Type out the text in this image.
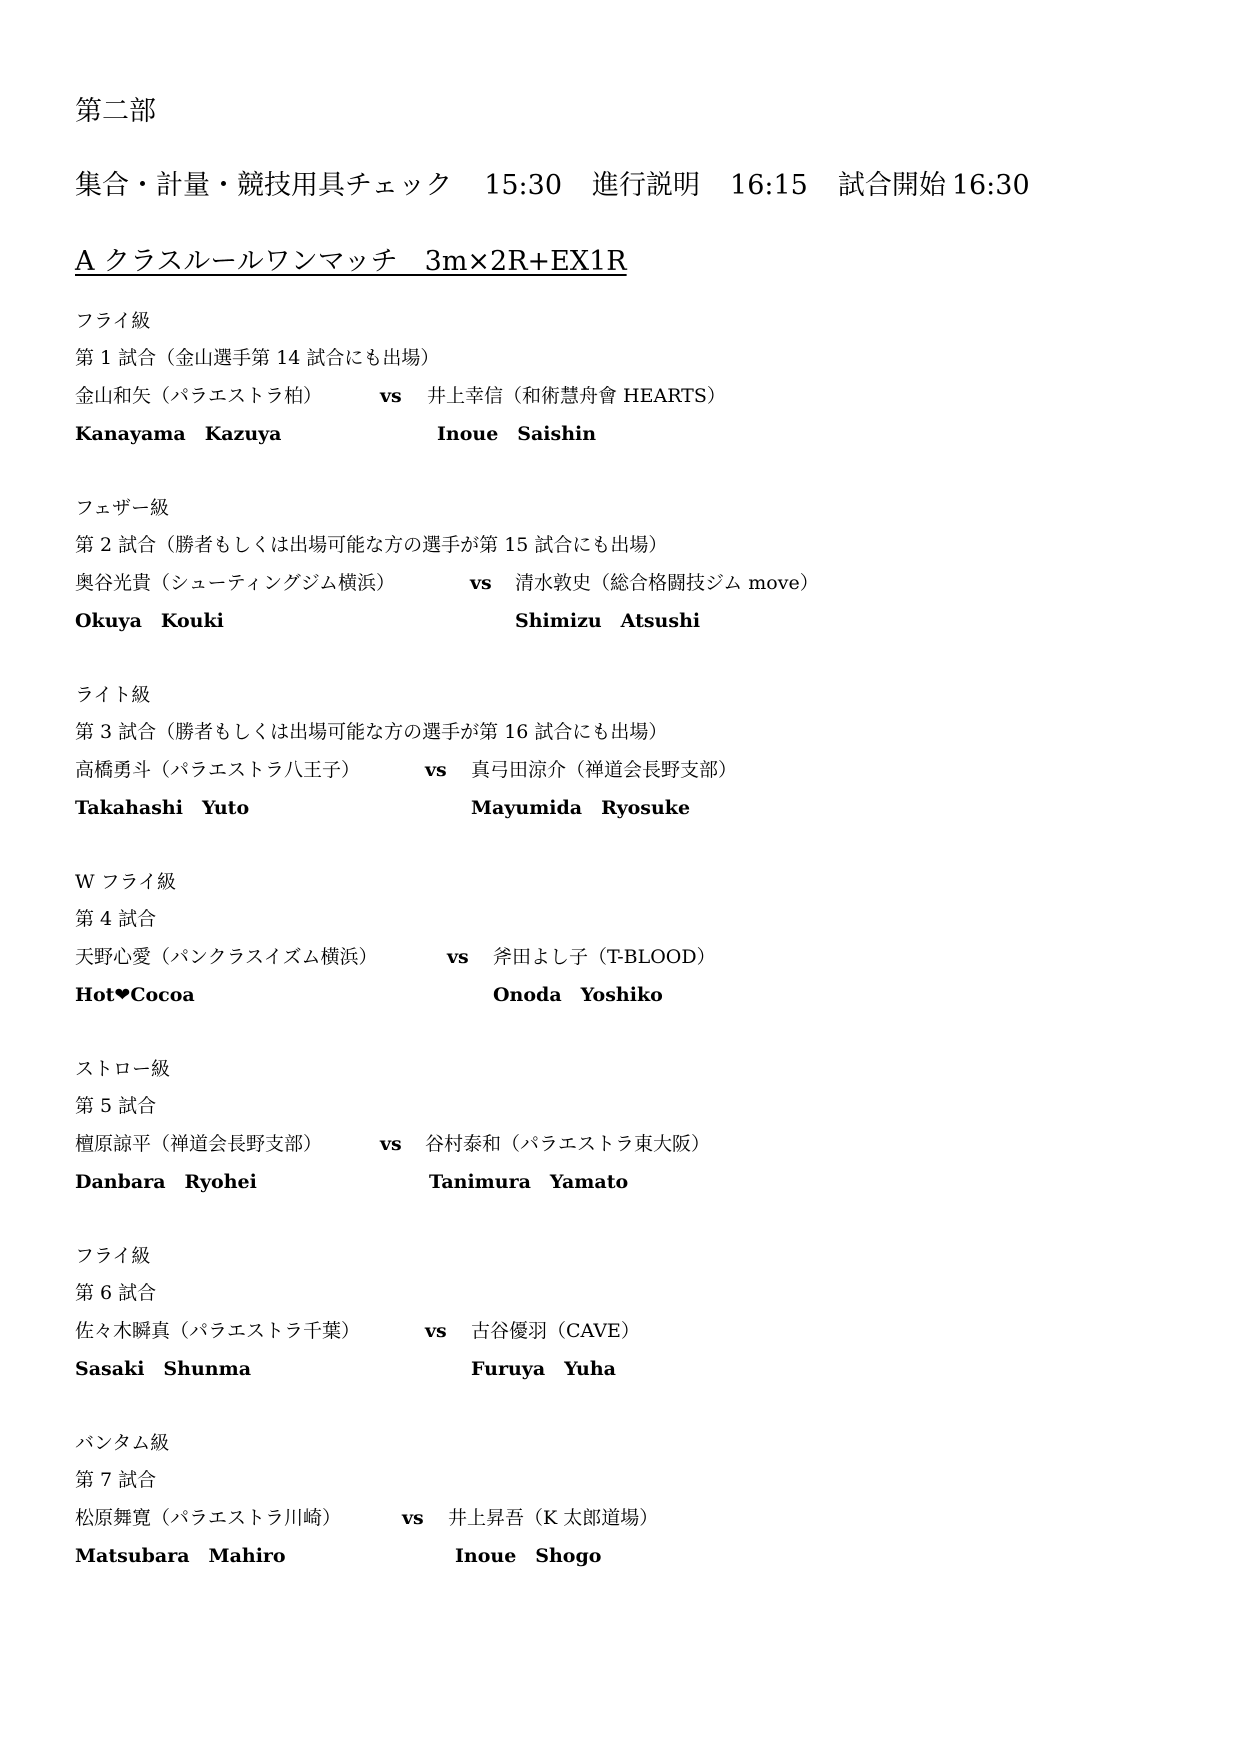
第二部
集合・計量・競技用具チェック 15:30 進行説明 16:15 試合開始 16:30
A クラスルールワンマッチ　3m×2R+EX1R
フライ級
第 1 試合（金山選手第 14 試合にも出場）
金山和矢（パラエストラ柏）	vs 井上幸信（和術慧舟會 HEARTS）
Kanayama　Kazuya	Inoue　Saishin
フェザー級
第 2 試合（勝者もしくは出場可能な方の選手が第 15 試合にも出場）
奥谷光貴（シューティングジム横浜）	vs 清水敦史（総合格闘技ジム move）
Okuya　Kouki	Shimizu　Atsushi
ライト級
第 3 試合（勝者もしくは出場可能な方の選手が第 16 試合にも出場）
高橋勇斗（パラエストラ八王子）	vs 真弓田涼介（禅道会長野支部）
Takahashi　Yuto	Mayumida　Ryosuke
W フライ級
第 4 試合
天野心愛（パンクラスイズム横浜）	vs 斧田よし子（T-BLOOD）
Hot❤Cocoa	Onoda　Yoshiko
ストロー級
第 5 試合
檀原諒平（禅道会長野支部）	vs 谷村泰和（パラエストラ東大阪）
Danbara　Ryohei	Tanimura　Yamato
フライ級
第 6 試合
佐々木瞬真（パラエストラ千葉）	vs 古谷優羽（CAVE）
Sasaki　Shunma	Furuya　Yuha
バンタム級
第 7 試合
松原舞寛（パラエストラ川崎）	vs 井上昇吾（K 太郎道場）
Matsubara　Mahiro	Inoue　Shogo
